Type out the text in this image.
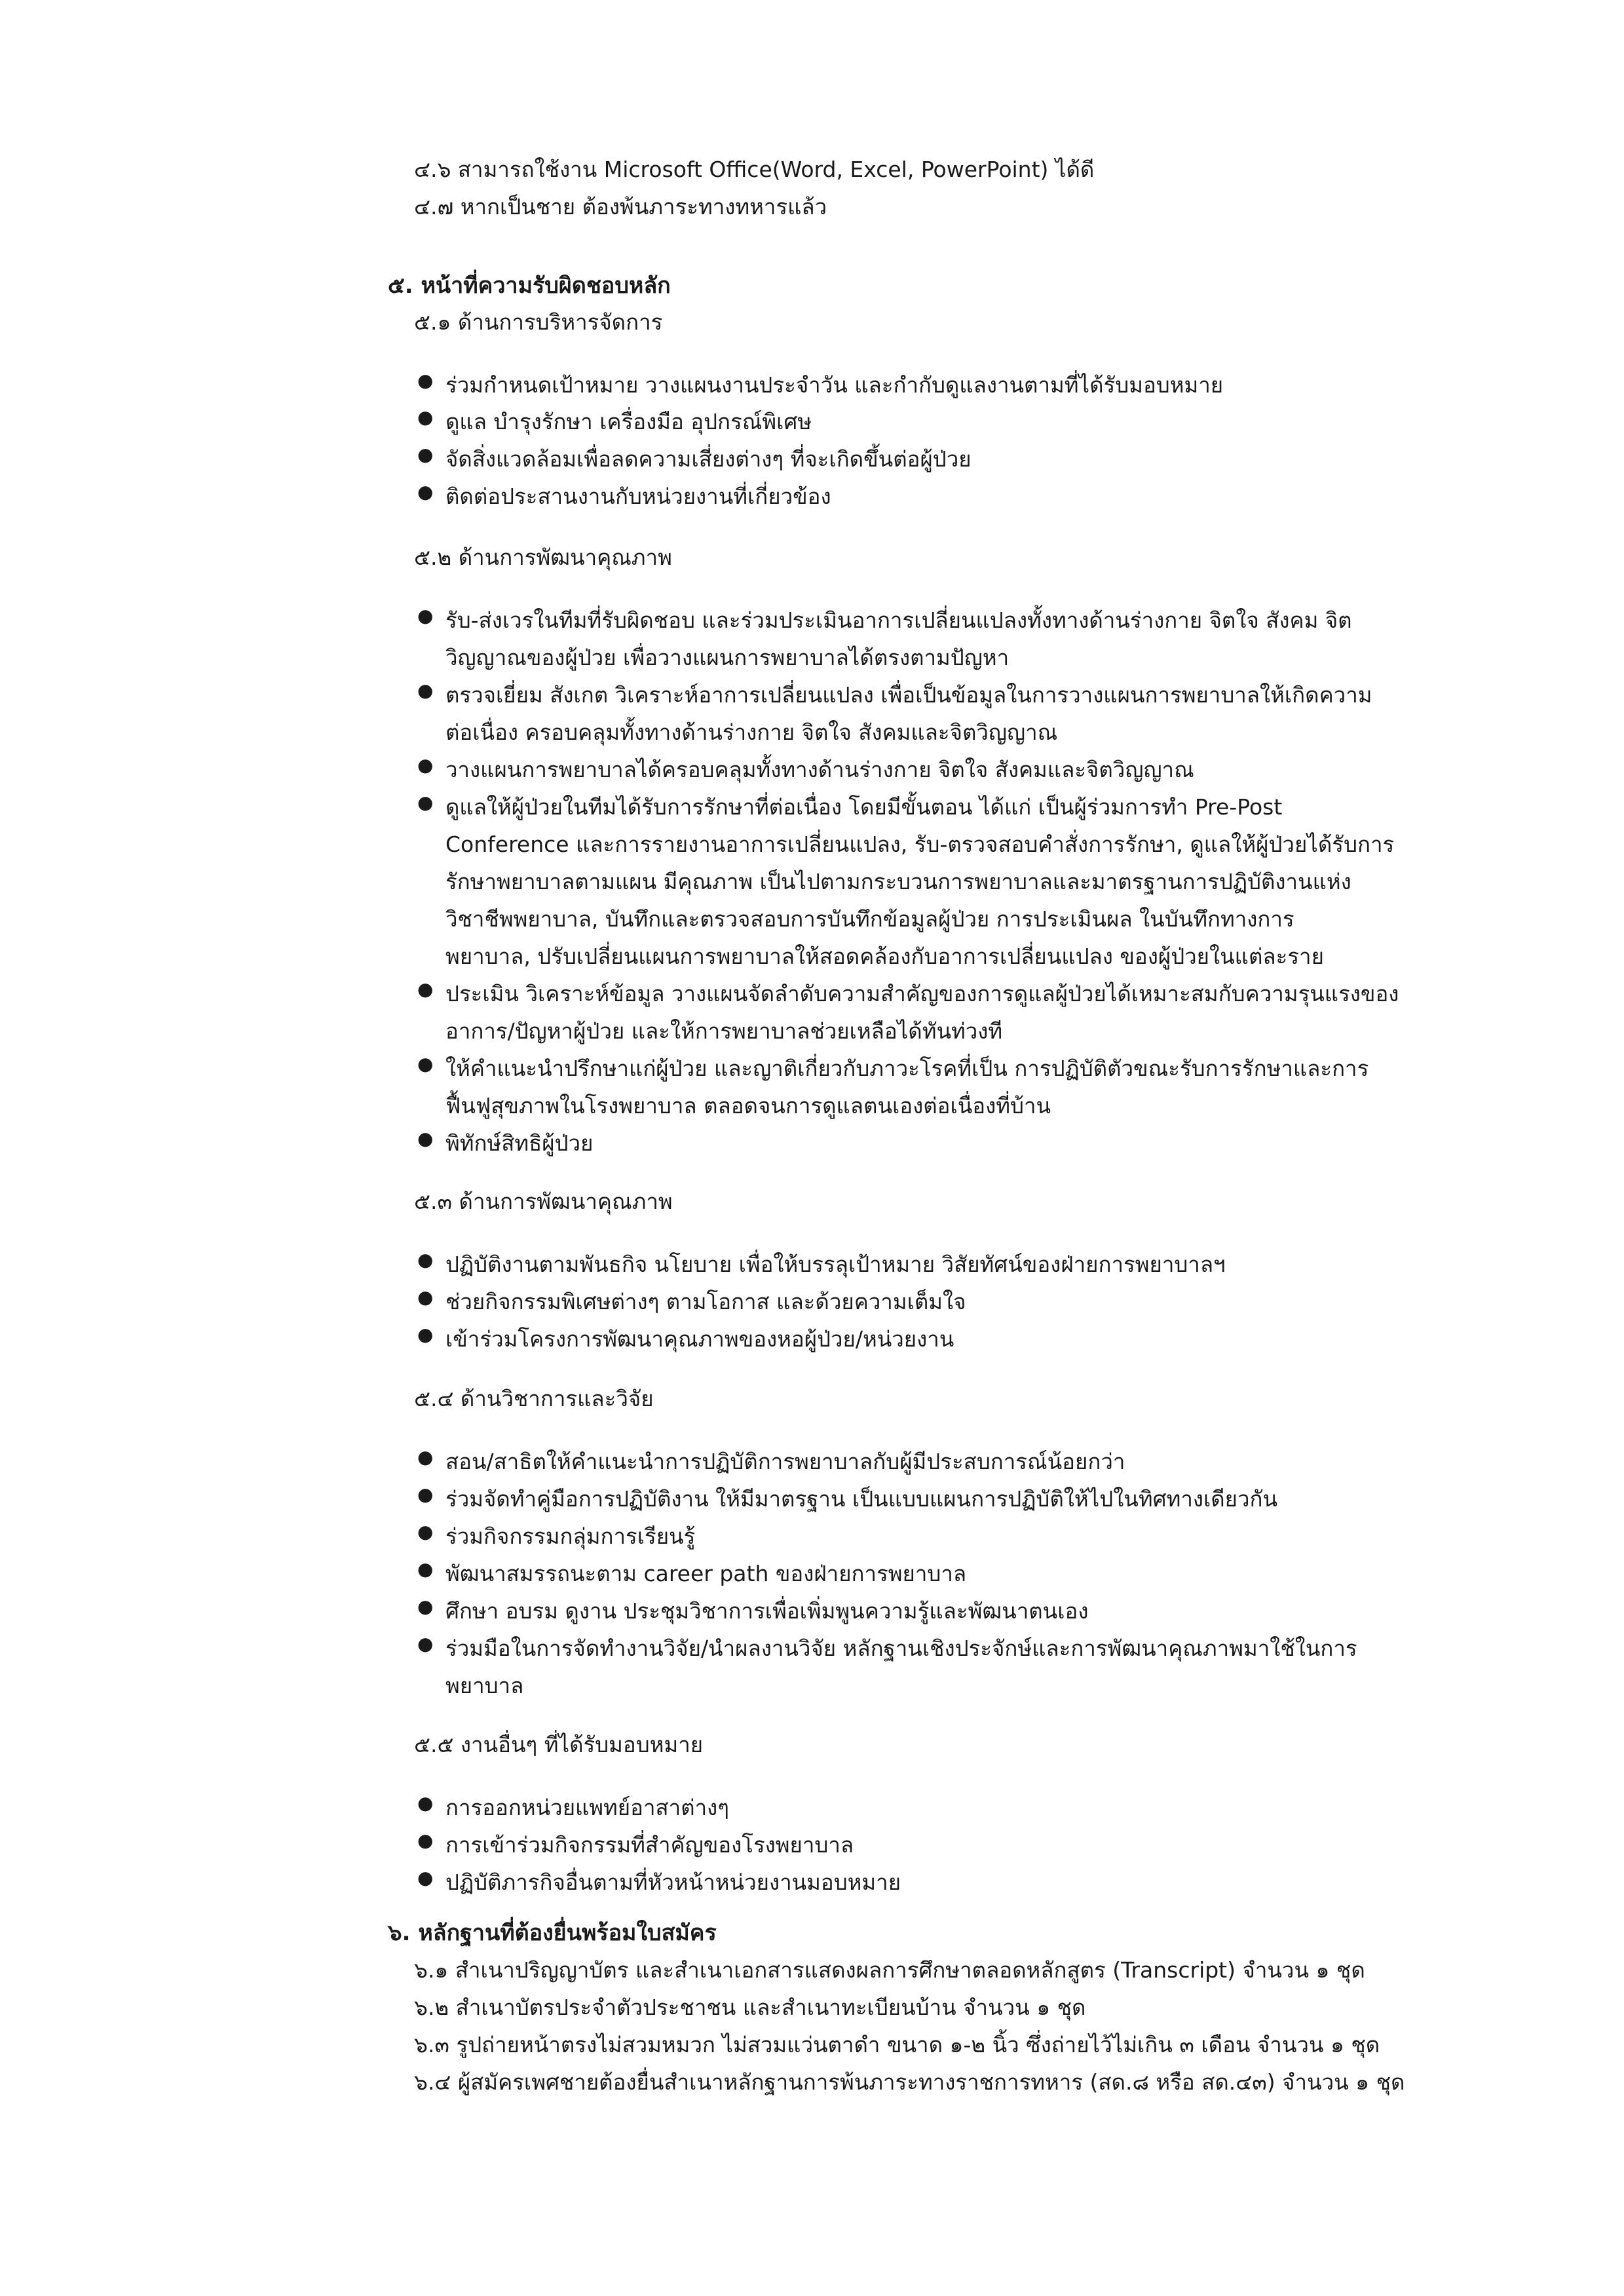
๔.๖ สามารถใช้งาน Microsoft Office(Word, Excel, PowerPoint) ได้ดี
๔.๗ หากเป็นชาย ต้องพ้นภาระทางทหารแล้ว
๕. หน้าที่ความรับผิดชอบหลัก
๕.๑ ด้านการบริหารจัดการ
● ร่วมกำหนดเป้าหมาย วางแผนงานประจำวัน และกำกับดูแลงานตามที่ได้รับมอบหมาย
● ดูแล บำรุงรักษา เครื่องมือ อุปกรณ์พิเศษ
● จัดสิ่งแวดล้อมเพื่อลดความเสี่ยงต่างๆ ที่จะเกิดขึ้นต่อผู้ป่วย
● ติดต่อประสานงานกับหน่วยงานที่เกี่ยวข้อง
๕.๒ ด้านการพัฒนาคุณภาพ
● รับ-ส่งเวรในทีมที่รับผิดชอบ และร่วมประเมินอาการเปลี่ยนแปลงทั้งทางด้านร่างกาย จิตใจ สังคม จิต
วิญญาณของผู้ป่วย เพื่อวางแผนการพยาบาลได้ตรงตามปัญหา
● ตรวจเยี่ยม สังเกต วิเคราะห์อาการเปลี่ยนแปลง เพื่อเป็นข้อมูลในการวางแผนการพยาบาลให้เกิดความ
ต่อเนื่อง ครอบคลุมทั้งทางด้านร่างกาย จิตใจ สังคมและจิตวิญญาณ
● วางแผนการพยาบาลได้ครอบคลุมทั้งทางด้านร่างกาย จิตใจ สังคมและจิตวิญญาณ
● ดูแลให้ผู้ป่วยในทีมได้รับการรักษาที่ต่อเนื่อง โดยมีขั้นตอน ได้แก่ เป็นผู้ร่วมการทำ Pre-Post
Conference และการรายงานอาการเปลี่ยนแปลง, รับ-ตรวจสอบคำสั่งการรักษา, ดูแลให้ผู้ป่วยได้รับการ
รักษาพยาบาลตามแผน มีคุณภาพ เป็นไปตามกระบวนการพยาบาลและมาตรฐานการปฏิบัติงานแห่ง
วิชาชีพพยาบาล, บันทึกและตรวจสอบการบันทึกข้อมูลผู้ป่วย การประเมินผล ในบันทึกทางการ
พยาบาล, ปรับเปลี่ยนแผนการพยาบาลให้สอดคล้องกับอาการเปลี่ยนแปลง ของผู้ป่วยในแต่ละราย
● ประเมิน วิเคราะห์ข้อมูล วางแผนจัดลำดับความสำคัญของการดูแลผู้ป่วยได้เหมาะสมกับความรุนแรงของ
อาการ/ปัญหาผู้ป่วย และให้การพยาบาลช่วยเหลือได้ทันท่วงที
● ให้คำแนะนำปรึกษาแก่ผู้ป่วย และญาติเกี่ยวกับภาวะโรคที่เป็น การปฏิบัติตัวขณะรับการรักษาและการ
ฟื้นฟูสุขภาพในโรงพยาบาล ตลอดจนการดูแลตนเองต่อเนื่องที่บ้าน
● พิทักษ์สิทธิผู้ป่วย
๕.๓ ด้านการพัฒนาคุณภาพ
● ปฏิบัติงานตามพันธกิจ นโยบาย เพื่อให้บรรลุเป้าหมาย วิสัยทัศน์ของฝ่ายการพยาบาลฯ
● ช่วยกิจกรรมพิเศษต่างๆ ตามโอกาส และด้วยความเต็มใจ
● เข้าร่วมโครงการพัฒนาคุณภาพของหอผู้ป่วย/หน่วยงาน
๕.๔ ด้านวิชาการและวิจัย
● สอน/สาธิตให้คำแนะนำการปฏิบัติการพยาบาลกับผู้มีประสบการณ์น้อยกว่า
● ร่วมจัดทำคู่มือการปฏิบัติงาน ให้มีมาตรฐาน เป็นแบบแผนการปฏิบัติให้ไปในทิศทางเดียวกัน
● ร่วมกิจกรรมกลุ่มการเรียนรู้
● พัฒนาสมรรถนะตาม career path ของฝ่ายการพยาบาล
● ศึกษา อบรม ดูงาน ประชุมวิชาการเพื่อเพิ่มพูนความรู้และพัฒนาตนเอง
● ร่วมมือในการจัดทำงานวิจัย/นำผลงานวิจัย หลักฐานเชิงประจักษ์และการพัฒนาคุณภาพมาใช้ในการ
พยาบาล
๕.๕ งานอื่นๆ ที่ได้รับมอบหมาย
● การออกหน่วยแพทย์อาสาต่างๆ
● การเข้าร่วมกิจกรรมที่สำคัญของโรงพยาบาล
● ปฏิบัติภารกิจอื่นตามที่หัวหน้าหน่วยงานมอบหมาย
๖. หลักฐานที่ต้องยื่นพร้อมใบสมัคร
๖.๑ สำเนาปริญญาบัตร และสำเนาเอกสารแสดงผลการศึกษาตลอดหลักสูตร (Transcript) จำนวน ๑ ชุด
๖.๒ สำเนาบัตรประจำตัวประชาชน และสำเนาทะเบียนบ้าน จำนวน ๑ ชุด
๖.๓ รูปถ่ายหน้าตรงไม่สวมหมวก ไม่สวมแว่นตาดำ ขนาด ๑-๒ นิ้ว ซึ่งถ่ายไว้ไม่เกิน ๓ เดือน จำนวน ๑ ชุด
๖.๔ ผู้สมัครเพศชายต้องยื่นสำเนาหลักฐานการพ้นภาระทางราชการทหาร (สด.๘ หรือ สด.๔๓) จำนวน ๑ ชุด
